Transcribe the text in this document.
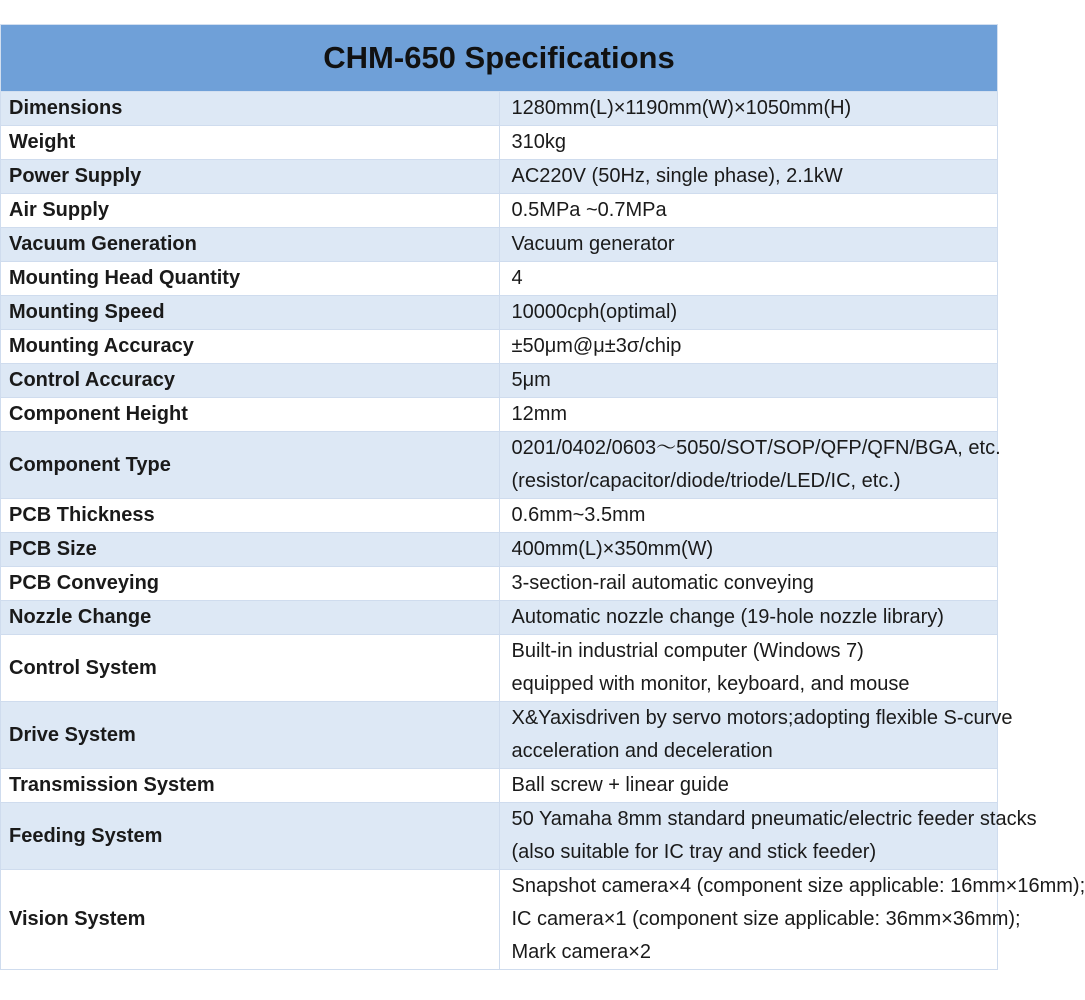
CHM-650 Specifications	
Dimensions	1280mm(L)×1190mm(W)×1050mm(H)

Weight	310kg

Power Supply	AC220V (50Hz, single phase), 2.1kW

Air Supply	0.5MPa ~0.7MPa

Vacuum Generation	Vacuum generator

Mounting Head Quantity	4

Mounting Speed	10000cph(optimal)

Mounting Accuracy	±50μm@μ±3σ/chip

Control Accuracy	5μm

Component Height	12mm

Component Type	0201/0402/0603～5050/SOT/SOP/QFP/QFN/BGA, etc.
(resistor/capacitor/diode/triode/LED/IC, etc.)

PCB Thickness	0.6mm~3.5mm

PCB Size	400mm(L)×350mm(W)

PCB Conveying	3-section-rail automatic conveying

Nozzle Change	Automatic nozzle change (19-hole nozzle library)

Control System	Built-in industrial computer (Windows 7)
equipped with monitor, keyboard, and mouse

Drive System	X&Yaxisdriven by servo motors;adopting flexible S-curve
acceleration and deceleration

Transmission System	Ball screw + linear guide

Feeding System	50 Yamaha 8mm standard pneumatic/electric feeder stacks
(also suitable for IC tray and stick feeder)

Vision System	Snapshot camera×4 (component size applicable: 16mm×16mm);
IC camera×1 (component size applicable: 36mm×36mm);
Mark camera×2
